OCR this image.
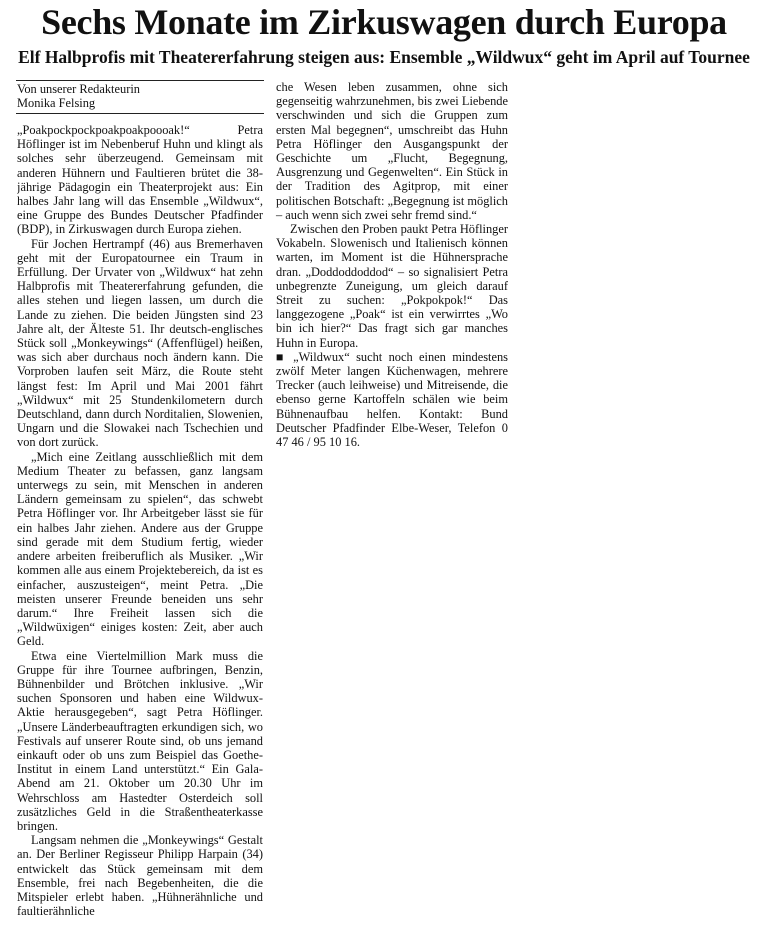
Sechs Monate im Zirkuswagen durch Europa
Elf Halbprofis mit Theatererfahrung steigen aus: Ensemble „Wildwux“ geht im April auf Tournee
Von unserer Redakteurin
Monika Felsing

„Poakpockpockpoakpoakpoooak!“ Petra Höflinger ist im Nebenberuf Huhn und klingt als solches sehr überzeugend. Gemeinsam mit anderen Hühnern und Faultieren brütet die 38-jährige Pädagogin ein Theaterprojekt aus: Ein halbes Jahr lang will das Ensemble „Wildwux“, eine Gruppe des Bundes Deutscher Pfadfinder (BDP), in Zirkuswagen durch Europa ziehen.

Für Jochen Hertrampf (46) aus Bremerhaven geht mit der Europatournee ein Traum in Erfüllung. Der Urvater von „Wildwux“ hat zehn Halbprofis mit Theatererfahrung gefunden, die alles stehen und liegen lassen, um durch die Lande zu ziehen. Die beiden Jüngsten sind 23 Jahre alt, der Älteste 51. Ihr deutsch-englisches Stück soll „Monkeywings“ (Affenflügel) heißen, was sich aber durchaus noch ändern kann. Die Vorproben laufen seit März, die Route steht längst fest: Im April und Mai 2001 fährt „Wildwux“ mit 25 Stundenkilometern durch Deutschland, dann durch Norditalien, Slowenien, Ungarn und die Slowakei nach Tschechien und von dort zurück.

„Mich eine Zeitlang ausschließlich mit dem Medium Theater zu befassen, ganz langsam unterwegs zu sein, mit Menschen in anderen Ländern gemeinsam zu spielen“, das schwebt Petra Höflinger vor. Ihr Arbeitgeber lässt sie für ein halbes Jahr ziehen. Andere aus der Gruppe sind gerade mit dem Studium fertig, wieder andere arbeiten freiberuflich als Musiker. „Wir kommen alle aus einem Projektebereich, da ist es einfacher, auszusteigen“, meint Petra. „Die meisten unserer Freunde beneiden uns sehr darum.“ Ihre Freiheit lassen sich die „Wildwüxigen“ einiges kosten: Zeit, aber auch Geld.

Etwa eine Viertelmillion Mark muss die Gruppe für ihre Tournee aufbringen, Benzin, Bühnenbilder und Brötchen inklusive. „Wir suchen Sponsoren und haben eine Wildwux-Aktie herausgegeben“, sagt Petra Höflinger. „Unsere Länderbeauftragten erkundigen sich, wo Festivals auf unserer Route sind, ob uns jemand einkauft oder ob uns zum Beispiel das Goethe-Institut in einem Land unterstützt.“ Ein Gala-Abend am 21. Oktober um 20.30 Uhr im Wehrschloss am Hastedter Osterdeich soll zusätzliches Geld in die Straßentheaterkasse bringen.

Langsam nehmen die „Monkeywings“ Gestalt an. Der Berliner Regisseur Philipp Harpain (34) entwickelt das Stück gemeinsam mit dem Ensemble, frei nach Begebenheiten, die die Mitspieler erlebt haben. „Hühnerähnliche und faultierähnliche

che Wesen leben zusammen, ohne sich gegenseitig wahrzunehmen, bis zwei Liebende verschwinden und sich die Gruppen zum ersten Mal begegnen“, umschreibt das Huhn Petra Höflinger den Ausgangspunkt der Geschichte um „Flucht, Begegnung, Ausgrenzung und Gegenwelten“. Ein Stück in der Tradition des Agitprop, mit einer politischen Botschaft: „Begegnung ist möglich – auch wenn sich zwei sehr fremd sind.“

Zwischen den Proben paukt Petra Höflinger Vokabeln. Slowenisch und Italienisch können warten, im Moment ist die Hühnersprache dran. „Doddoddoddod“ – so signalisiert Petra unbegrenzte Zuneigung, um gleich darauf Streit zu suchen: „Pokpokpok!“ Das langgezogene „Poak“ ist ein verwirrtes „Wo bin ich hier?“ Das fragt sich gar manches Huhn in Europa.

■ „Wildwux“ sucht noch einen mindestens zwölf Meter langen Küchenwagen, mehrere Trecker (auch leihweise) und Mitreisende, die ebenso gerne Kartoffeln schälen wie beim Bühnenaufbau helfen. Kontakt: Bund Deutscher Pfadfinder Elbe-Weser, Telefon 0 47 46 / 95 10 16.
